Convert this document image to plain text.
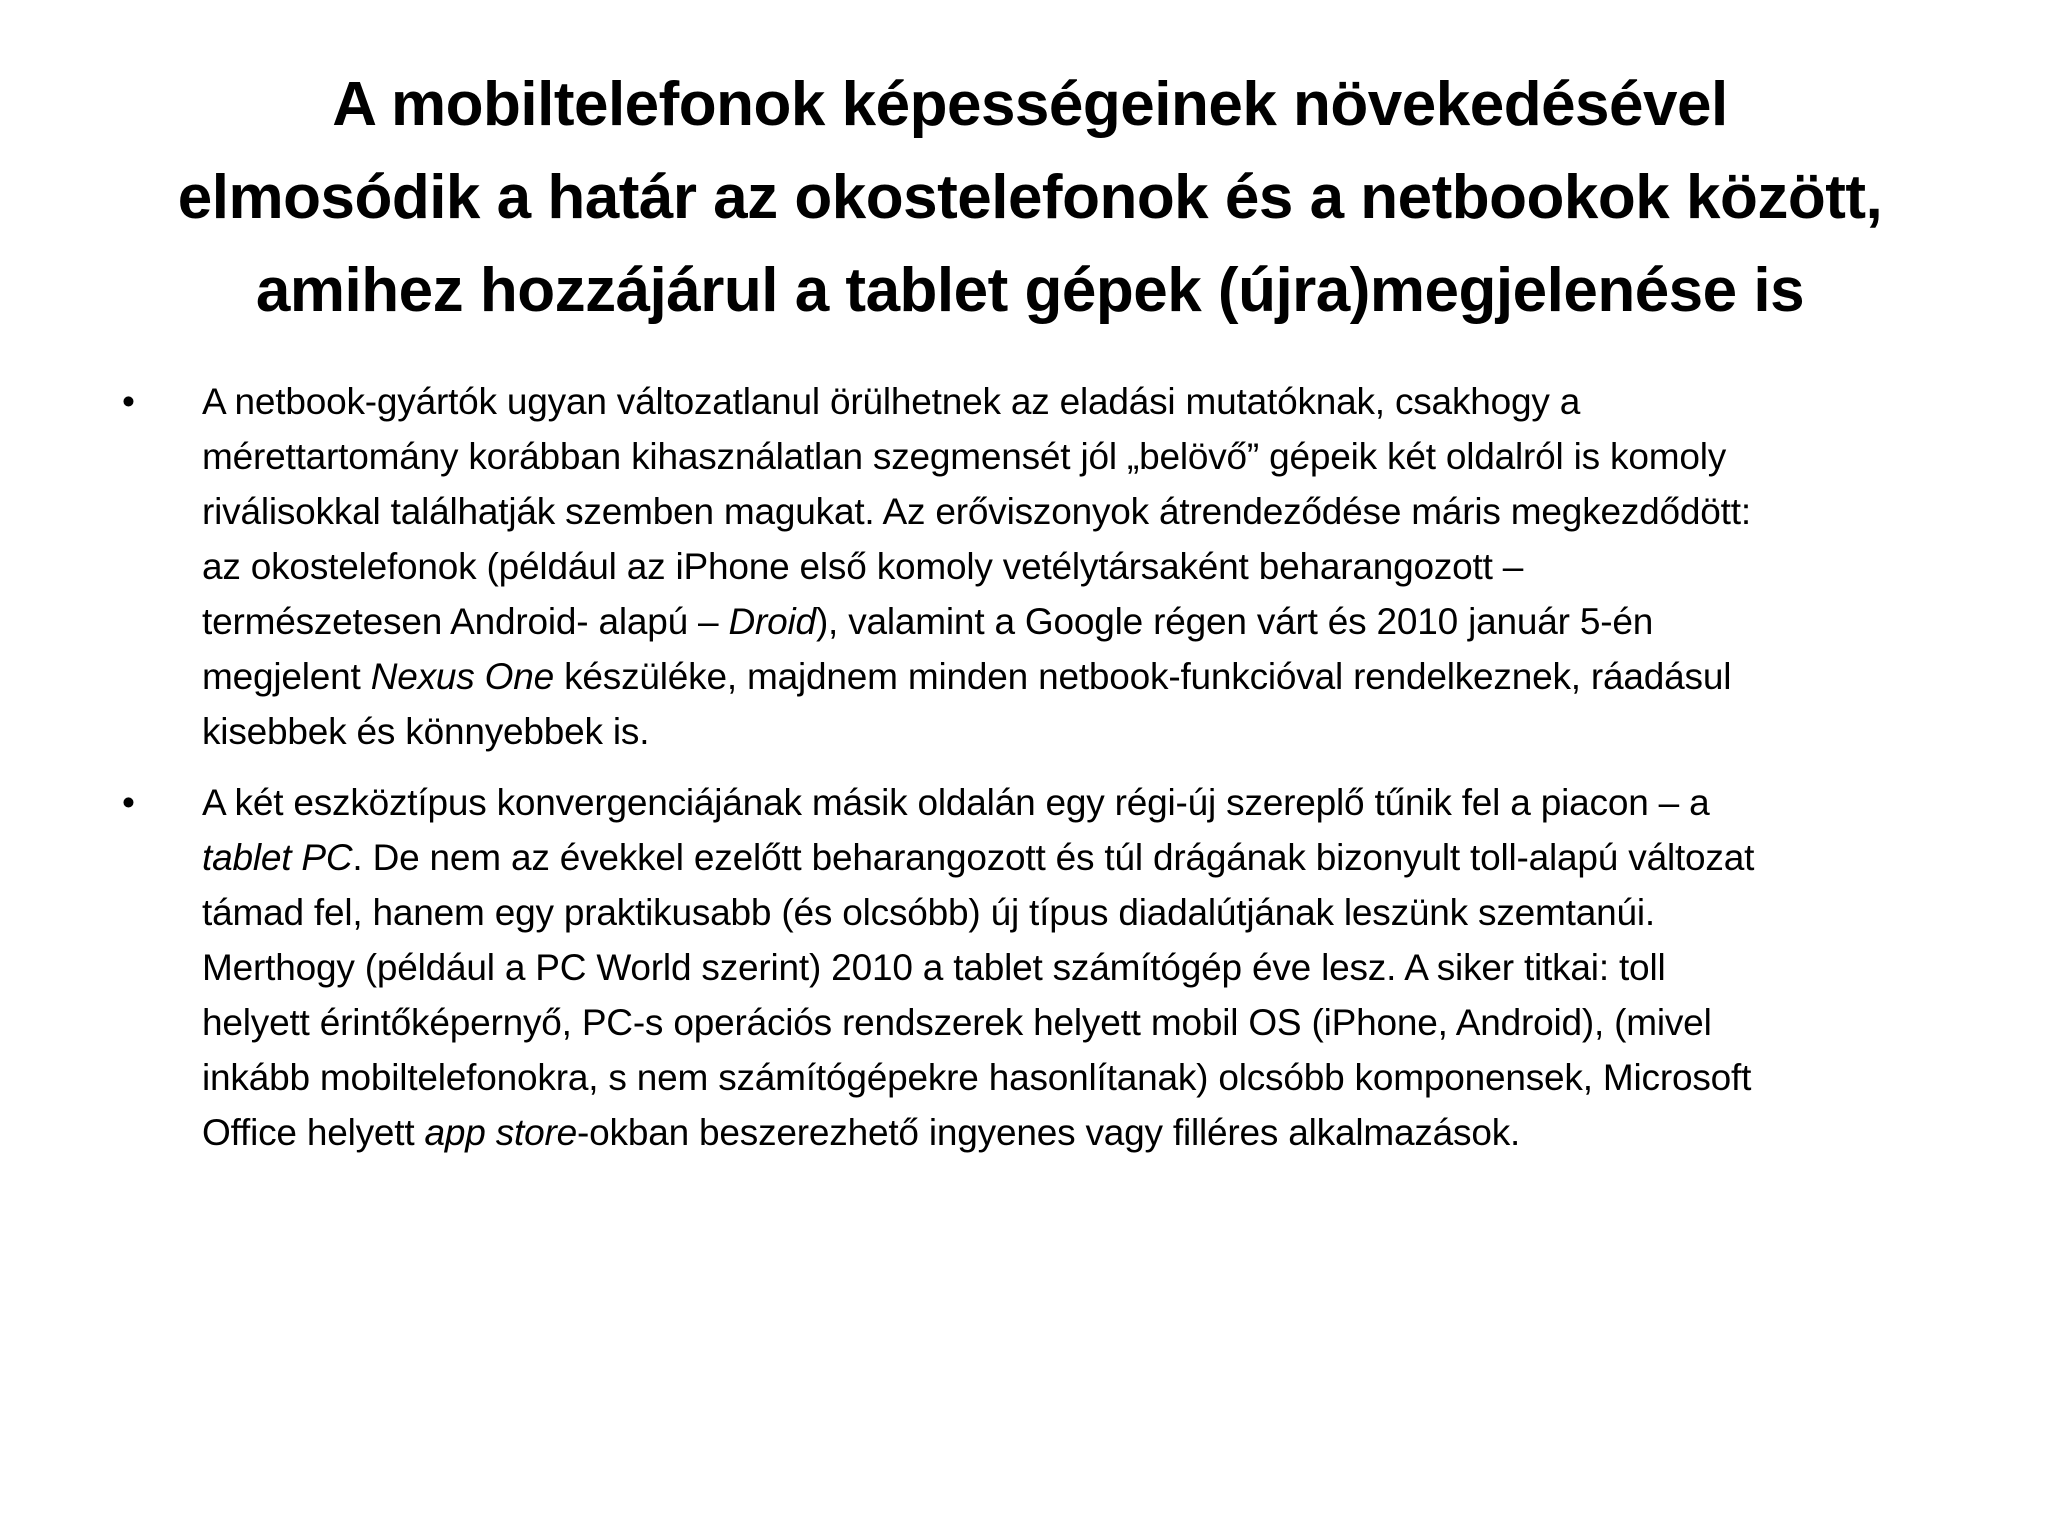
A mobiltelefonok képességeinek növekedésével
elmosódik a határ az okostelefonok és a netbookok között,
amihez hozzájárul a tablet gépek (újra)megjelenése is
•	A netbook-gyártók ugyan változatlanul örülhetnek az eladási mutatóknak, csakhogy a
mérettartomány korábban kihasználatlan szegmensét jól „belövő” gépeik két oldalról is komoly
riválisokkal találhatják szemben magukat. Az erőviszonyok átrendeződése máris megkezdődött:
az okostelefonok (például az iPhone első komoly vetélytársaként beharangozott –
természetesen Android- alapú – Droid), valamint a Google régen várt és 2010 január 5-én
megjelent Nexus One készüléke, majdnem minden netbook-funkcióval rendelkeznek, ráadásul
kisebbek és könnyebbek is.
•	A két eszköztípus konvergenciájának másik oldalán egy régi-új szereplő tűnik fel a piacon – a
tablet PC. De nem az évekkel ezelőtt beharangozott és túl drágának bizonyult toll-alapú változat
támad fel, hanem egy praktikusabb (és olcsóbb) új típus diadalútjának leszünk szemtanúi.
Merthogy (például a PC World szerint) 2010 a tablet számítógép éve lesz. A siker titkai: toll
helyett érintőképernyő, PC-s operációs rendszerek helyett mobil OS (iPhone, Android), (mivel
inkább mobiltelefonokra, s nem számítógépekre hasonlítanak) olcsóbb komponensek, Microsoft
Office helyett app store-okban beszerezhető ingyenes vagy filléres alkalmazások.
